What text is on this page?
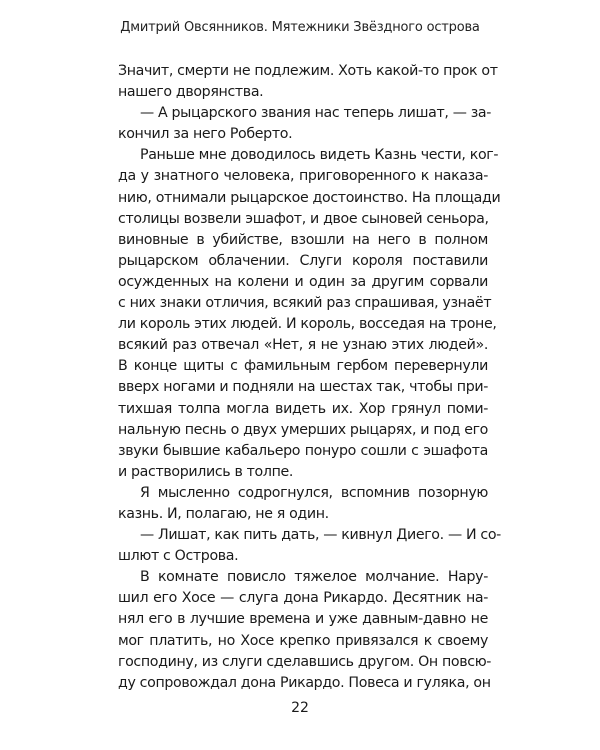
Дмитрий Овсянников. Мятежники Звёздного острова
Значит, смерти не подлежим. Хоть какой-то прок от
нашего дворянства.
— А рыцарского звания нас теперь лишат, — за-
кончил за него Роберто.
Раньше мне доводилось видеть Казнь чести, ког-
да у знатного человека, приговоренного к наказа-
нию, отнимали рыцарское достоинство. На площади
столицы возвели эшафот, и двое сыновей сеньора,
виновные в убийстве, взошли на него в полном
рыцарском облачении. Слуги короля поставили
осужденных на колени и один за другим сорвали
с них знаки отличия, всякий раз спрашивая, узнаёт
ли король этих людей. И король, восседая на троне,
всякий раз отвечал «Нет, я не узнаю этих людей».
В конце щиты с фамильным гербом перевернули
вверх ногами и подняли на шестах так, чтобы при-
тихшая толпа могла видеть их. Хор грянул поми-
нальную песнь о двух умерших рыцарях, и под его
звуки бывшие кабальеро понуро сошли с эшафота
и растворились в толпе.
Я мысленно содрогнулся, вспомнив позорную
казнь. И, полагаю, не я один.
— Лишат, как пить дать, — кивнул Диего. — И со-
шлют с Острова.
В комнате повисло тяжелое молчание. Нару-
шил его Хосе — слуга дона Рикардо. Десятник на-
нял его в лучшие времена и уже давным-давно не
мог платить, но Хосе крепко привязался к своему
господину, из слуги сделавшись другом. Он повсю-
ду сопровождал дона Рикардо. Повеса и гуляка, он
22
